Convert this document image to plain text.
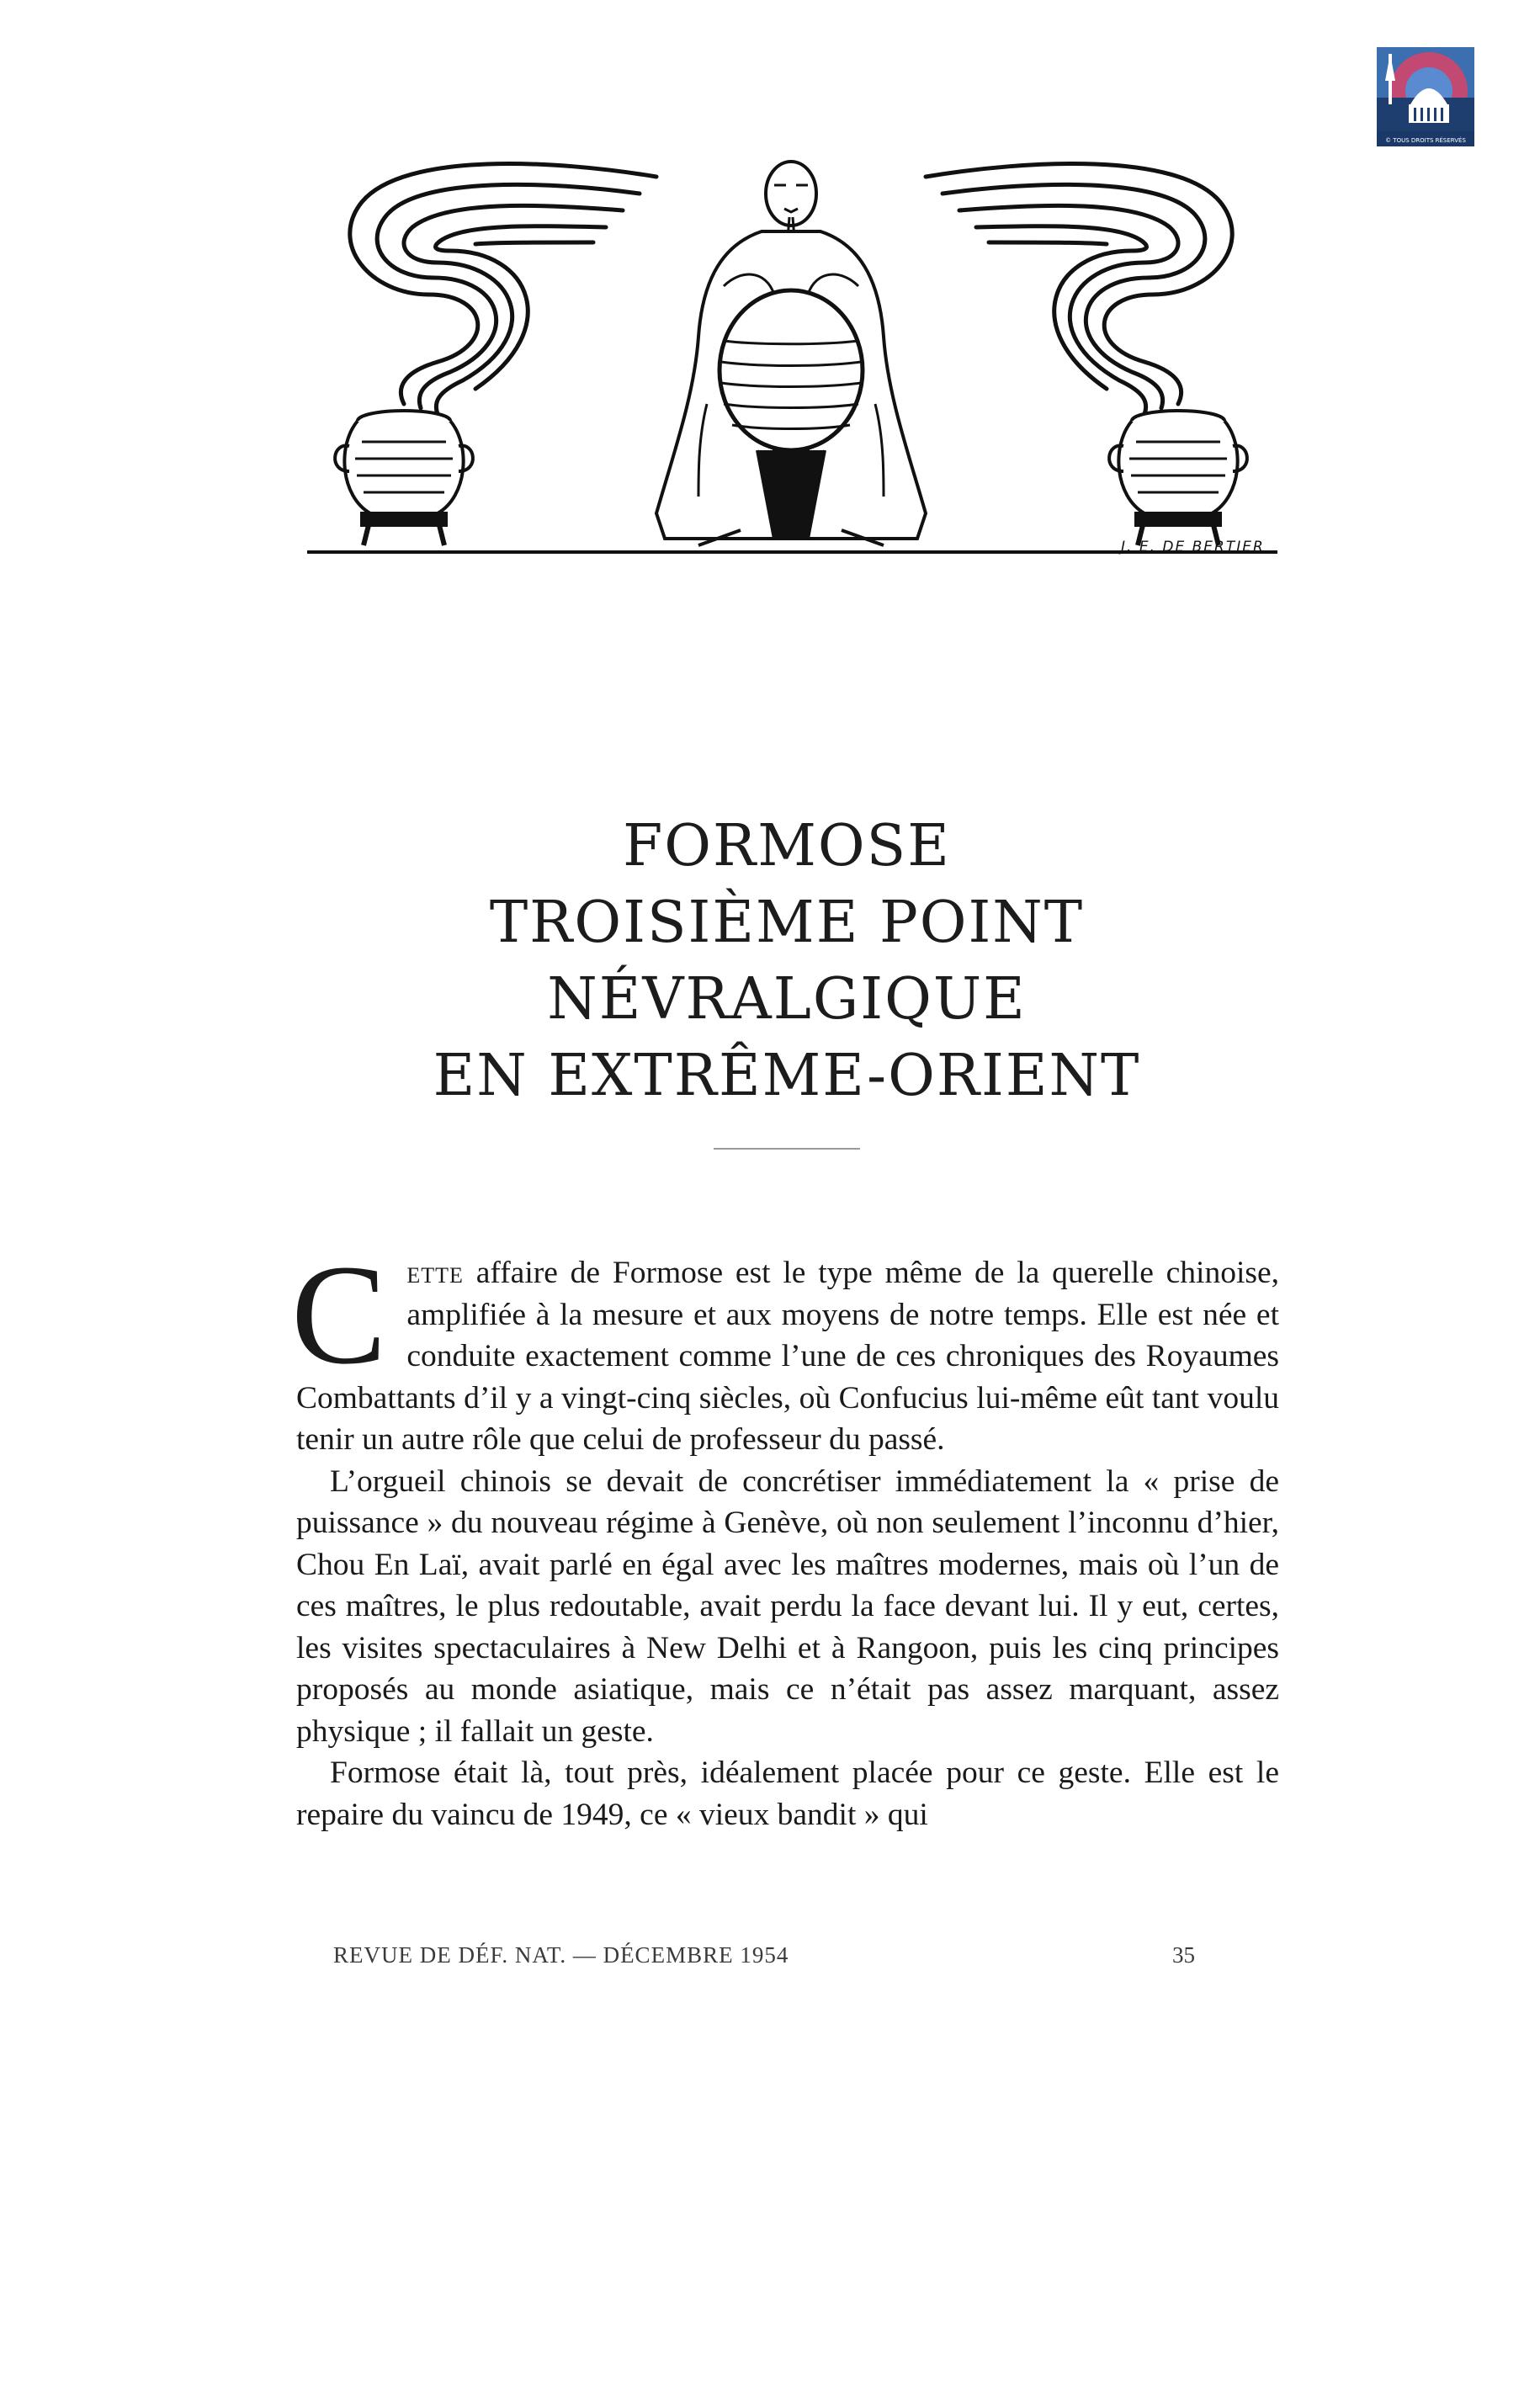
© TOUS DROITS RÉSERVÉS
J. E. DE BERTIER
FORMOSE
TROISIÈME POINT
NÉVRALGIQUE
EN EXTRÊME-ORIENT

Cette affaire de Formose est le type même de la querelle chinoise, amplifiée à la mesure et aux moyens de notre temps. Elle est née et conduite exactement comme l’une de ces chroniques des Royaumes Combattants d’il y a vingt-cinq siècles, où Confucius lui-même eût tant voulu tenir un autre rôle que celui de professeur du passé.

L’orgueil chinois se devait de concrétiser immédiatement la « prise de puissance » du nouveau régime à Genève, où non seulement l’inconnu d’hier, Chou En Laï, avait parlé en égal avec les maîtres modernes, mais où l’un de ces maîtres, le plus redoutable, avait perdu la face devant lui. Il y eut, certes, les visites spectaculaires à New Delhi et à Rangoon, puis les cinq principes proposés au monde asiatique, mais ce n’était pas assez marquant, assez physique ; il fallait un geste.

Formose était là, tout près, idéalement placée pour ce geste. Elle est le repaire du vaincu de 1949, ce « vieux bandit » qui

REVUE DE DÉF. NAT. — DÉCEMBRE 1954	35
